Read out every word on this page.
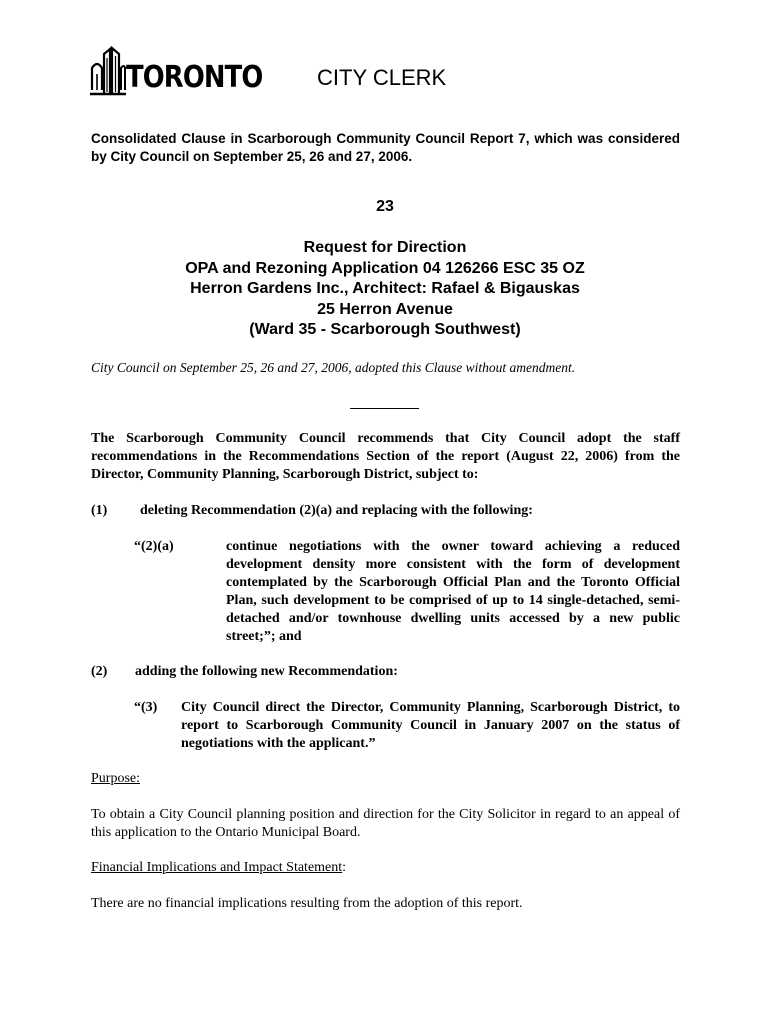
TORONTO CITY CLERK
Consolidated Clause in Scarborough Community Council Report 7, which was considered by City Council on September 25, 26 and 27, 2006.
23
Request for Direction
OPA and Rezoning Application 04 126266 ESC 35 OZ
Herron Gardens Inc., Architect: Rafael & Bigauskas
25 Herron Avenue
(Ward 35 - Scarborough Southwest)
City Council on September 25, 26 and 27, 2006, adopted this Clause without amendment.
The Scarborough Community Council recommends that City Council adopt the staff recommendations in the Recommendations Section of the report (August 22, 2006) from the Director, Community Planning, Scarborough District, subject to:
(1) deleting Recommendation (2)(a) and replacing with the following:
“(2)(a)	continue negotiations with the owner toward achieving a reduced development density more consistent with the form of development contemplated by the Scarborough Official Plan and the Toronto Official Plan, such development to be comprised of up to 14 single-detached, semi-detached and/or townhouse dwelling units accessed by a new public street;”; and
(2) adding the following new Recommendation:
“(3) City Council direct the Director, Community Planning, Scarborough District, to report to Scarborough Community Council in January 2007 on the status of negotiations with the applicant.”
Purpose:
To obtain a City Council planning position and direction for the City Solicitor in regard to an appeal of this application to the Ontario Municipal Board.
Financial Implications and Impact Statement:
There are no financial implications resulting from the adoption of this report.
